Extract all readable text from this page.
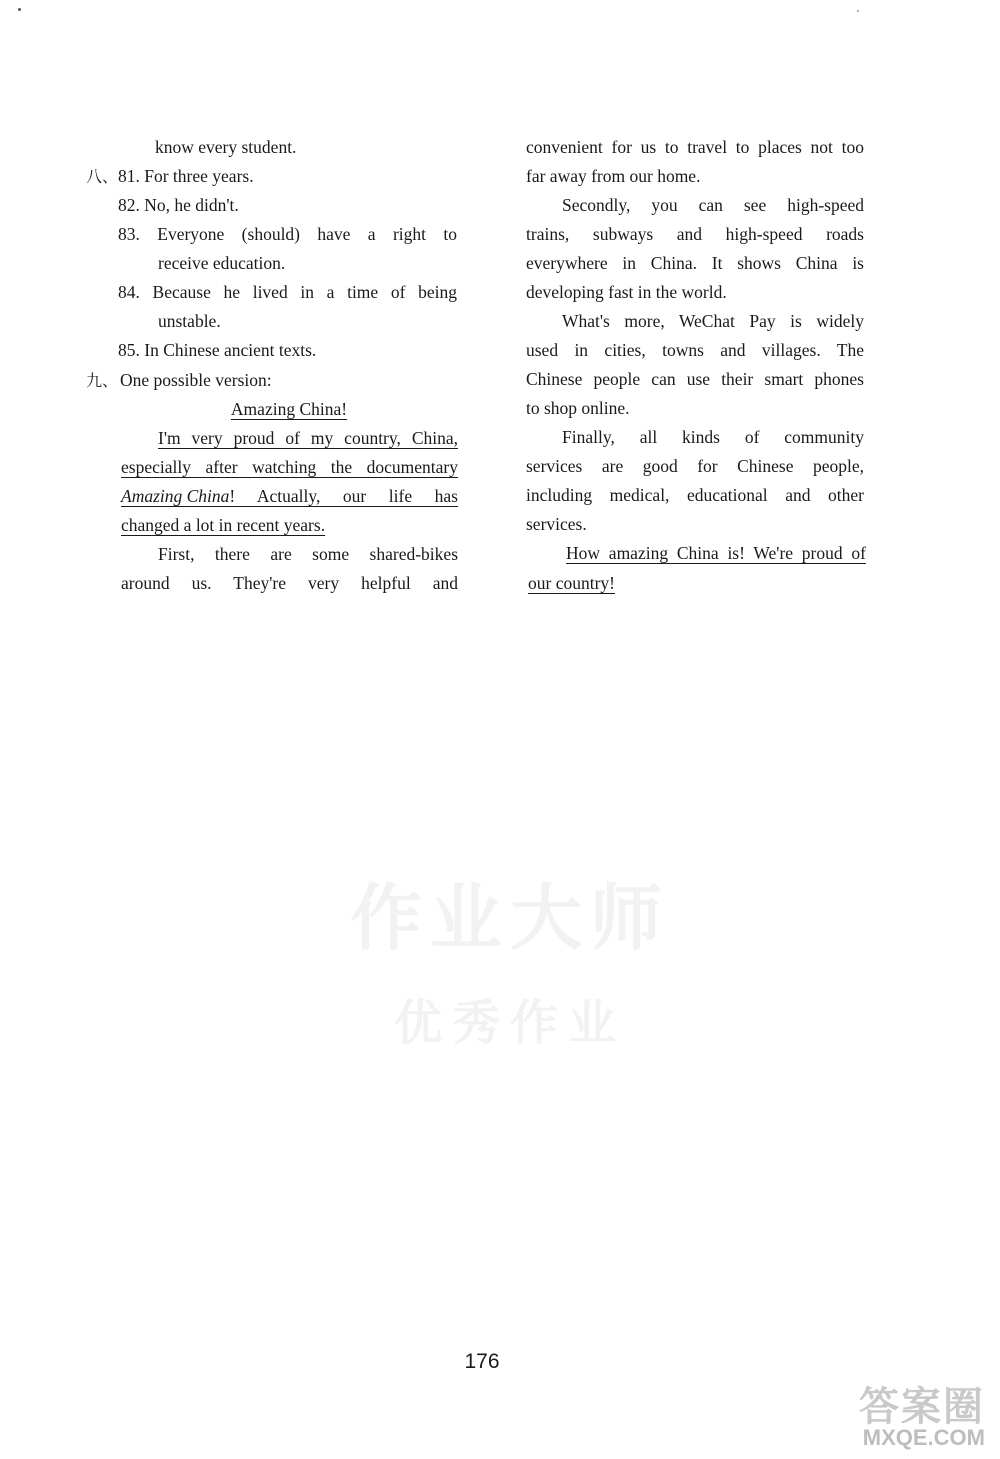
know every student.
八、 81. For three years.
82. No, he didn't.
83. Everyone (should) have a right to
receive education.
84. Because he lived in a time of being
unstable.
85. In Chinese ancient texts.
九、 One possible version:
Amazing China!
I'm very proud of my country, China,
especially after watching the documentary
Amazing China ! Actually, our life has
changed a lot in recent years.
First, there are some shared-bikes
around us. They're very helpful and
convenient for us to travel to places not too
far away from our home.
Secondly, you can see high-speed
trains, subways and high-speed roads
everywhere in China. It shows China is
developing fast in the world.
What's more, WeChat Pay is widely
used in cities, towns and villages. The
Chinese people can use their smart phones
to shop online.
Finally, all kinds of community
services are good for Chinese people,
including medical, educational and other
services.
How amazing China is! We're proud of
our country!
作业大师
优秀作业
176
答案圈
MXQE.COM
